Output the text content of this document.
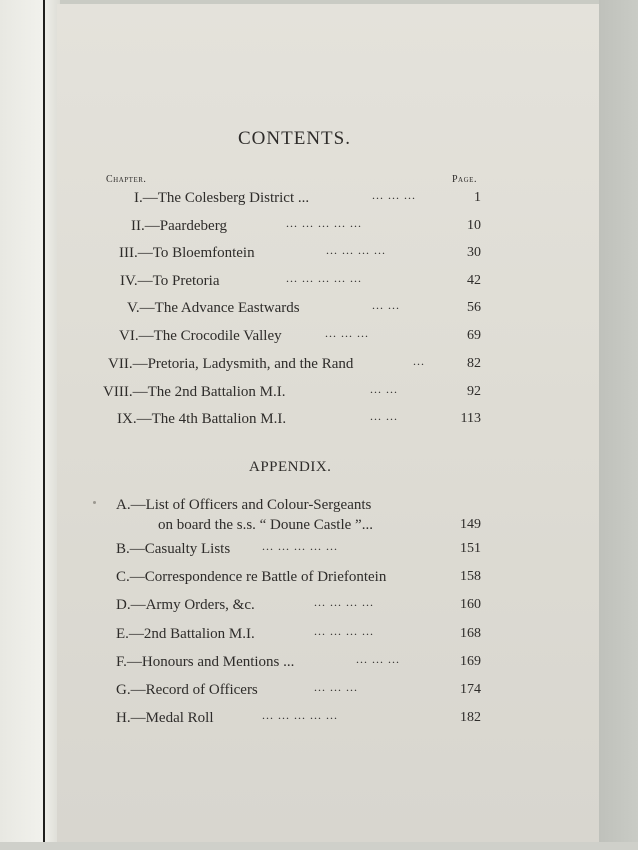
CONTENTS.
Chapter.	Page.
I.—The Colesberg District ...	... ... ...	1
II.—Paardeberg	... ... ... ... ...	10
III.—To Bloemfontein	... ... ... ...	30
IV.—To Pretoria	... ... ... ... ...	42
V.—The Advance Eastwards	... ...	56
VI.—The Crocodile Valley	... ... ...	69
VII.—Pretoria, Ladysmith, and the Rand	...	82
VIII.—The 2nd Battalion M.I.	... ...	92
IX.—The 4th Battalion M.I.	... ...	113
APPENDIX.
A.—List of Officers and Colour-Sergeants
on board the s.s. “ Doune Castle ”...	149
B.—Casualty Lists	... ... ... ... ...	151
C.—Correspondence re Battle of Driefontein	158
D.—Army Orders, &c.	... ... ... ...	160
E.—2nd Battalion M.I.	... ... ... ...	168
F.—Honours and Mentions ...	... ... ...	169
G.—Record of Officers	... ... ...	174
H.—Medal Roll	... ... ... ... ...	182
